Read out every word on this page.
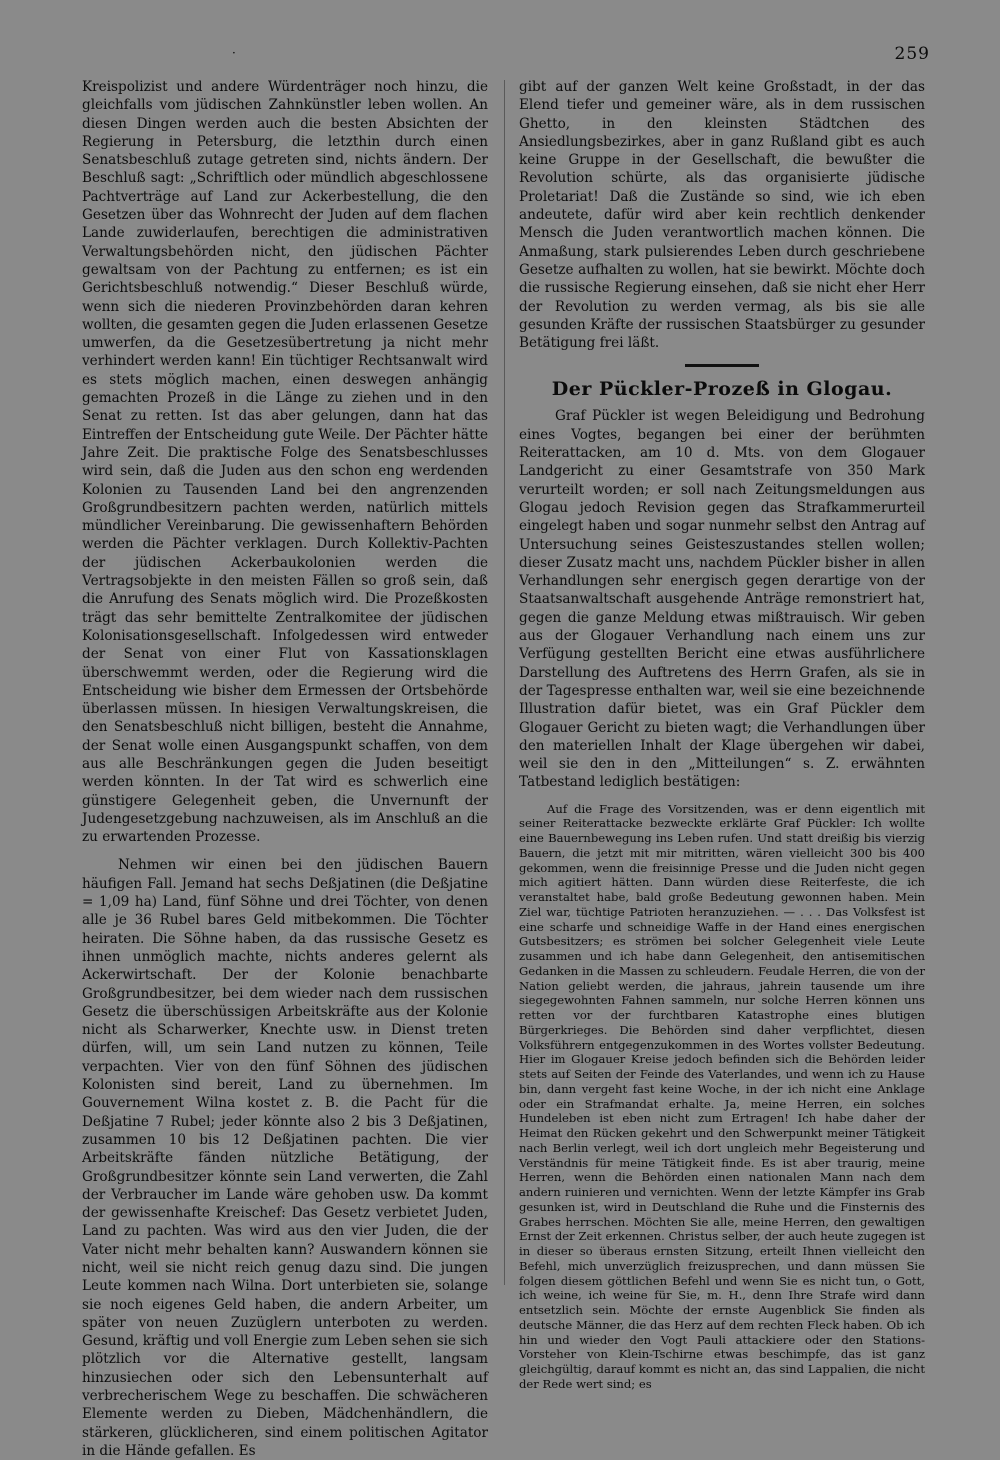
·	259

Kreispolizist und andere Würdenträger noch hinzu, die gleichfalls vom jüdischen Zahnkünstler leben wollen. An diesen Dingen werden auch die besten Absichten der Regierung in Petersburg, die letzthin durch einen Senatsbeschluß zutage getreten sind, nichts ändern. Der Beschluß sagt: „Schriftlich oder mündlich abgeschlossene Pachtverträge auf Land zur Ackerbestellung, die den Gesetzen über das Wohnrecht der Juden auf dem flachen Lande zuwiderlaufen, berechtigen die administrativen Verwaltungsbehörden nicht, den jüdischen Pächter gewaltsam von der Pachtung zu entfernen; es ist ein Gerichtsbeschluß notwendig.“ Dieser Beschluß würde, wenn sich die niederen Provinzbehörden daran kehren wollten, die gesamten gegen die Juden erlassenen Gesetze umwerfen, da die Gesetzesübertretung ja nicht mehr verhindert werden kann! Ein tüchtiger Rechtsanwalt wird es stets möglich machen, einen deswegen anhängig gemachten Prozeß in die Länge zu ziehen und in den Senat zu retten. Ist das aber gelungen, dann hat das Eintreffen der Entscheidung gute Weile. Der Pächter hätte Jahre Zeit. Die praktische Folge des Senatsbeschlusses wird sein, daß die Juden aus den schon eng werdenden Kolonien zu Tausenden Land bei den angrenzenden Großgrundbesitzern pachten werden, natürlich mittels mündlicher Vereinbarung. Die gewissenhaftern Behörden werden die Pächter verklagen. Durch Kollektiv-Pachten der jüdischen Ackerbaukolonien werden die Vertragsobjekte in den meisten Fällen so groß sein, daß die Anrufung des Senats möglich wird. Die Prozeßkosten trägt das sehr bemittelte Zentralkomitee der jüdischen Kolonisationsgesellschaft. Infolgedessen wird entweder der Senat von einer Flut von Kassationsklagen überschwemmt werden, oder die Regierung wird die Entscheidung wie bisher dem Ermessen der Ortsbehörde überlassen müssen. In hiesigen Verwaltungskreisen, die den Senatsbeschluß nicht billigen, besteht die Annahme, der Senat wolle einen Ausgangspunkt schaffen, von dem aus alle Beschränkungen gegen die Juden beseitigt werden könnten. In der Tat wird es schwerlich eine günstigere Gelegenheit geben, die Unvernunft der Judengesetzgebung nachzuweisen, als im Anschluß an die zu erwartenden Prozesse.

Nehmen wir einen bei den jüdischen Bauern häufigen Fall. Jemand hat sechs Deßjatinen (die Deßjatine = 1,09 ha) Land, fünf Söhne und drei Töchter, von denen alle je 36 Rubel bares Geld mitbekommen. Die Töchter heiraten. Die Söhne haben, da das russische Gesetz es ihnen unmöglich machte, nichts anderes gelernt als Ackerwirtschaft. Der der Kolonie benachbarte Großgrundbesitzer, bei dem wieder nach dem russischen Gesetz die überschüssigen Arbeitskräfte aus der Kolonie nicht als Scharwerker, Knechte usw. in Dienst treten dürfen, will, um sein Land nutzen zu können, Teile verpachten. Vier von den fünf Söhnen des jüdischen Kolonisten sind bereit, Land zu übernehmen. Im Gouvernement Wilna kostet z. B. die Pacht für die Deßjatine 7 Rubel; jeder könnte also 2 bis 3 Deßjatinen, zusammen 10 bis 12 Deßjatinen pachten. Die vier Arbeitskräfte fänden nützliche Betätigung, der Großgrundbesitzer könnte sein Land verwerten, die Zahl der Verbraucher im Lande wäre gehoben usw. Da kommt der gewissenhafte Kreischef: Das Gesetz verbietet Juden, Land zu pachten. Was wird aus den vier Juden, die der Vater nicht mehr behalten kann? Auswandern können sie nicht, weil sie nicht reich genug dazu sind. Die jungen Leute kommen nach Wilna. Dort unterbieten sie, solange sie noch eigenes Geld haben, die andern Arbeiter, um später von neuen Zuzüglern unterboten zu werden. Gesund, kräftig und voll Energie zum Leben sehen sie sich plötzlich vor die Alternative gestellt, langsam hinzusiechen oder sich den Lebensunterhalt auf verbrecherischem Wege zu beschaffen. Die schwächeren Elemente werden zu Dieben, Mädchenhändlern, die stärkeren, glücklicheren, sind einem politischen Agitator in die Hände gefallen. Es

gibt auf der ganzen Welt keine Großstadt, in der das Elend tiefer und gemeiner wäre, als in dem russischen Ghetto, in den kleinsten Städtchen des Ansiedlungsbezirkes, aber in ganz Rußland gibt es auch keine Gruppe in der Gesellschaft, die bewußter die Revolution schürte, als das organisierte jüdische Proletariat! Daß die Zustände so sind, wie ich eben andeutete, dafür wird aber kein rechtlich denkender Mensch die Juden verantwortlich machen können. Die Anmaßung, stark pulsierendes Leben durch geschriebene Gesetze aufhalten zu wollen, hat sie bewirkt. Möchte doch die russische Regierung einsehen, daß sie nicht eher Herr der Revolution zu werden vermag, als bis sie alle gesunden Kräfte der russischen Staatsbürger zu gesunder Betätigung frei läßt.

Der Pückler-Prozeß in Glogau.

Graf Pückler ist wegen Beleidigung und Bedrohung eines Vogtes, begangen bei einer der berühmten Reiterattacken, am 10 d. Mts. von dem Glogauer Landgericht zu einer Gesamtstrafe von 350 Mark verurteilt worden; er soll nach Zeitungsmeldungen aus Glogau jedoch Revision gegen das Strafkammerurteil eingelegt haben und sogar nunmehr selbst den Antrag auf Untersuchung seines Geisteszustandes stellen wollen; dieser Zusatz macht uns, nachdem Pückler bisher in allen Verhandlungen sehr energisch gegen derartige von der Staatsanwaltschaft ausgehende Anträge remonstriert hat, gegen die ganze Meldung etwas mißtrauisch. Wir geben aus der Glogauer Verhandlung nach einem uns zur Verfügung gestellten Bericht eine etwas ausführlichere Darstellung des Auftretens des Herrn Grafen, als sie in der Tagespresse enthalten war, weil sie eine bezeichnende Illustration dafür bietet, was ein Graf Pückler dem Glogauer Gericht zu bieten wagt; die Verhandlungen über den materiellen Inhalt der Klage übergehen wir dabei, weil sie den in den „Mitteilungen“ s. Z. erwähnten Tatbestand lediglich bestätigen:

Auf die Frage des Vorsitzenden, was er denn eigentlich mit seiner Reiterattacke bezweckte erklärte Graf Pückler: Ich wollte eine Bauernbewegung ins Leben rufen. Und statt dreißig bis vierzig Bauern, die jetzt mit mir mitritten, wären vielleicht 300 bis 400 gekommen, wenn die freisinnige Presse und die Juden nicht gegen mich agitiert hätten. Dann würden diese Reiterfeste, die ich veranstaltet habe, bald große Bedeutung gewonnen haben. Mein Ziel war, tüchtige Patrioten heranzuziehen. — . . . Das Volksfest ist eine scharfe und schneidige Waffe in der Hand eines energischen Gutsbesitzers; es strömen bei solcher Gelegenheit viele Leute zusammen und ich habe dann Gelegenheit, den antisemitischen Gedanken in die Massen zu schleudern. Feudale Herren, die von der Nation geliebt werden, die jahraus, jahrein tausende um ihre siegegewohnten Fahnen sammeln, nur solche Herren können uns retten vor der furchtbaren Katastrophe eines blutigen Bürgerkrieges. Die Behörden sind daher verpflichtet, diesen Volksführern entgegenzukommen in des Wortes vollster Bedeutung. Hier im Glogauer Kreise jedoch befinden sich die Behörden leider stets auf Seiten der Feinde des Vaterlandes, und wenn ich zu Hause bin, dann vergeht fast keine Woche, in der ich nicht eine Anklage oder ein Strafmandat erhalte. Ja, meine Herren, ein solches Hundeleben ist eben nicht zum Ertragen! Ich habe daher der Heimat den Rücken gekehrt und den Schwerpunkt meiner Tätigkeit nach Berlin verlegt, weil ich dort ungleich mehr Begeisterung und Verständnis für meine Tätigkeit finde. Es ist aber traurig, meine Herren, wenn die Behörden einen nationalen Mann nach dem andern ruinieren und vernichten. Wenn der letzte Kämpfer ins Grab gesunken ist, wird in Deutschland die Ruhe und die Finsternis des Grabes herrschen. Möchten Sie alle, meine Herren, den gewaltigen Ernst der Zeit erkennen. Christus selber, der auch heute zugegen ist in dieser so überaus ernsten Sitzung, erteilt Ihnen vielleicht den Befehl, mich unverzüglich freizusprechen, und dann müssen Sie folgen diesem göttlichen Befehl und wenn Sie es nicht tun, o Gott, ich weine, ich weine für Sie, m. H., denn Ihre Strafe wird dann entsetzlich sein. Möchte der ernste Augenblick Sie finden als deutsche Männer, die das Herz auf dem rechten Fleck haben. Ob ich hin und wieder den Vogt Pauli attackiere oder den Stations-Vorsteher von Klein-Tschirne etwas beschimpfe, das ist ganz gleichgültig, darauf kommt es nicht an, das sind Lappalien, die nicht der Rede wert sind; es
